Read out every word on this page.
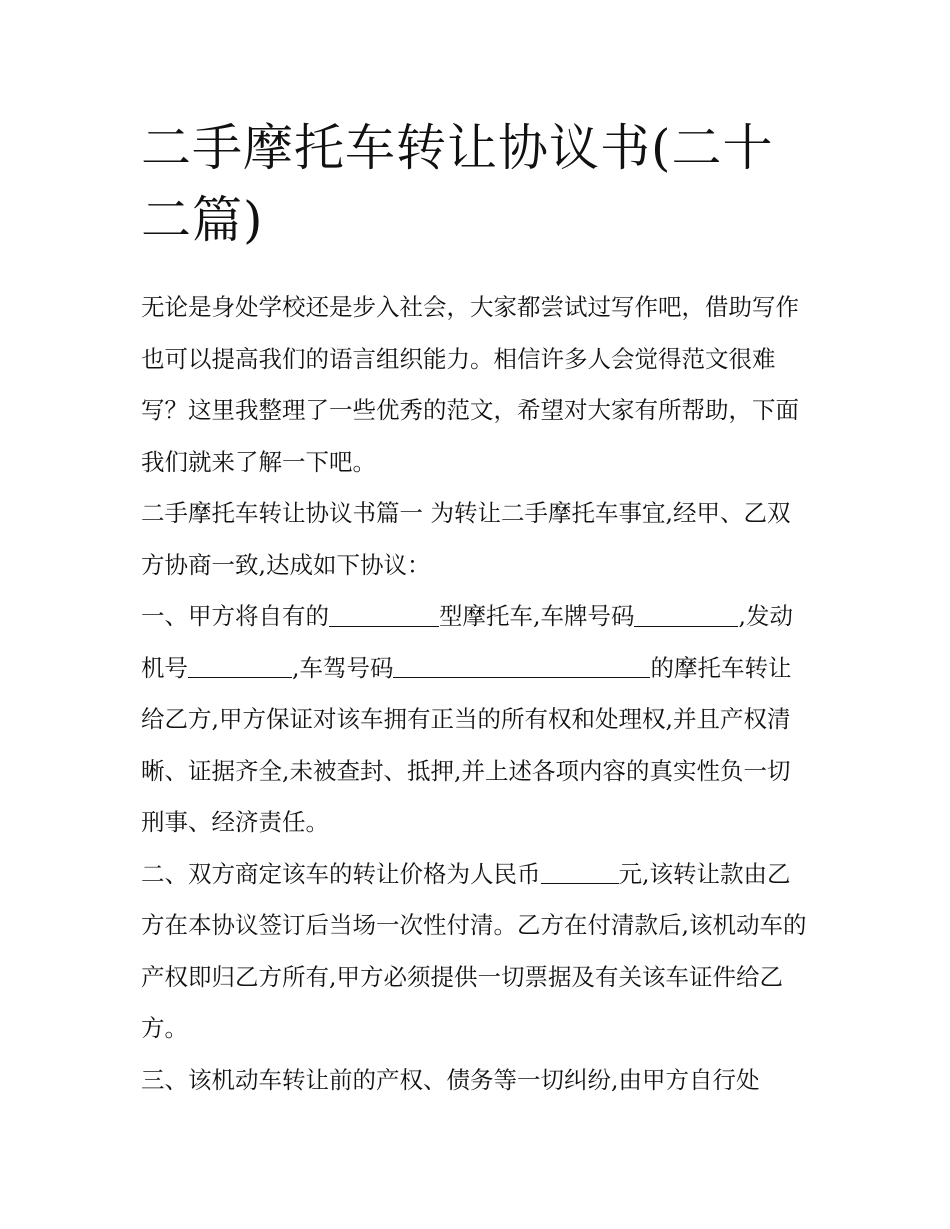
二手摩托车转让协议书(二十二篇)

无论是身处学校还是步入社会，大家都尝试过写作吧，借助写作也可以提高我们的语言组织能力。相信许多人会觉得范文很难写？这里我整理了一些优秀的范文，希望对大家有所帮助，下面我们就来了解一下吧。

二手摩托车转让协议书篇一 为转让二手摩托车事宜,经甲、乙双方协商一致,达成如下协议：

一、甲方将自有的	型摩托车,车牌号码	,发动机号	,车驾号码	的摩托车转让给乙方,甲方保证对该车拥有正当的所有权和处理权,并且产权清晰、证据齐全,未被查封、抵押,并上述各项内容的真实性负一切刑事、经济责任。

二、双方商定该车的转让价格为人民币	元,该转让款由乙方在本协议签订后当场一次性付清。乙方在付清款后,该机动车的产权即归乙方所有,甲方必须提供一切票据及有关该车证件给乙方。

三、该机动车转让前的产权、债务等一切纠纷,由甲方自行处
